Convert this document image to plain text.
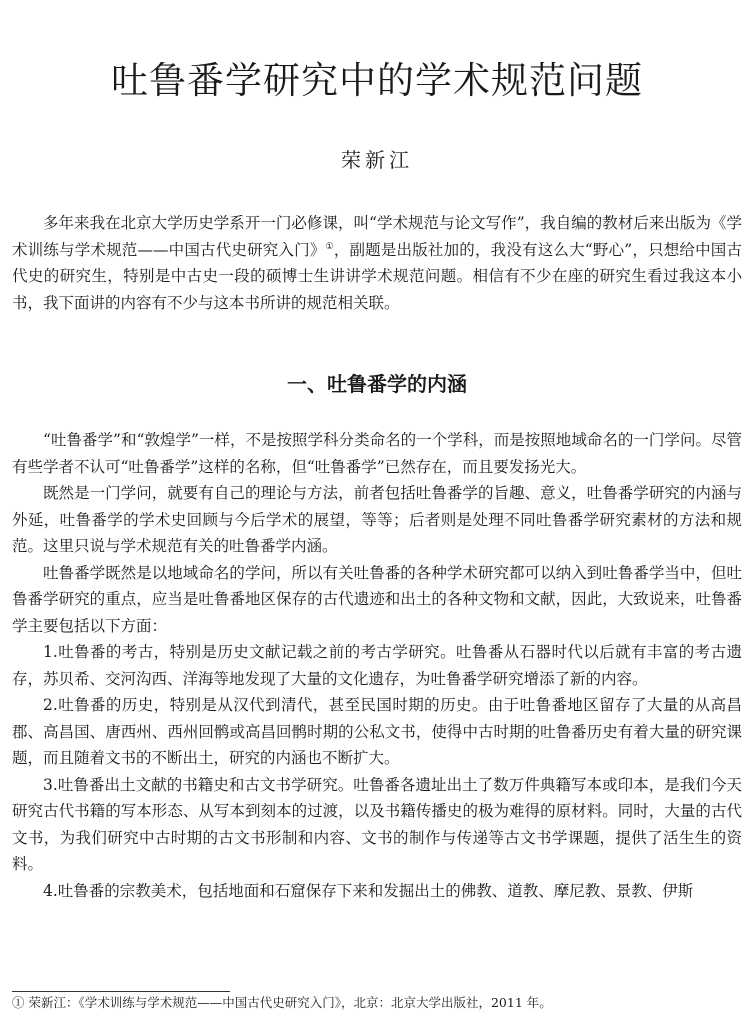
吐鲁番学研究中的学术规范问题

荣新江

多年来我在北京大学历史学系开一门必修课，叫“学术规范与论文写作”，我自编的教材后来出版为《学术训练与学术规范——中国古代史研究入门》①，副题是出版社加的，我没有这么大“野心”，只想给中国古代史的研究生，特别是中古史一段的硕博士生讲讲学术规范问题。相信有不少在座的研究生看过我这本小书，我下面讲的内容有不少与这本书所讲的规范相关联。

一、吐鲁番学的内涵

“吐鲁番学”和“敦煌学”一样，不是按照学科分类命名的一个学科，而是按照地域命名的一门学问。尽管有些学者不认可“吐鲁番学”这样的名称，但“吐鲁番学”已然存在，而且要发扬光大。

既然是一门学问，就要有自己的理论与方法，前者包括吐鲁番学的旨趣、意义，吐鲁番学研究的内涵与外延，吐鲁番学的学术史回顾与今后学术的展望，等等；后者则是处理不同吐鲁番学研究素材的方法和规范。这里只说与学术规范有关的吐鲁番学内涵。

吐鲁番学既然是以地域命名的学问，所以有关吐鲁番的各种学术研究都可以纳入到吐鲁番学当中，但吐鲁番学研究的重点，应当是吐鲁番地区保存的古代遗迹和出土的各种文物和文献，因此，大致说来，吐鲁番学主要包括以下方面：

1.吐鲁番的考古，特别是历史文献记载之前的考古学研究。吐鲁番从石器时代以后就有丰富的考古遗存，苏贝希、交河沟西、洋海等地发现了大量的文化遗存，为吐鲁番学研究增添了新的内容。

2.吐鲁番的历史，特别是从汉代到清代，甚至民国时期的历史。由于吐鲁番地区留存了大量的从高昌郡、高昌国、唐西州、西州回鹘或高昌回鹘时期的公私文书，使得中古时期的吐鲁番历史有着大量的研究课题，而且随着文书的不断出土，研究的内涵也不断扩大。

3.吐鲁番出土文献的书籍史和古文书学研究。吐鲁番各遗址出土了数万件典籍写本或印本，是我们今天研究古代书籍的写本形态、从写本到刻本的过渡，以及书籍传播史的极为难得的原材料。同时，大量的古代文书，为我们研究中古时期的古文书形制和内容、文书的制作与传递等古文书学课题，提供了活生生的资料。

4.吐鲁番的宗教美术，包括地面和石窟保存下来和发掘出土的佛教、道教、摩尼教、景教、伊斯

① 荣新江：《学术训练与学术规范——中国古代史研究入门》，北京：北京大学出版社，2011 年。
